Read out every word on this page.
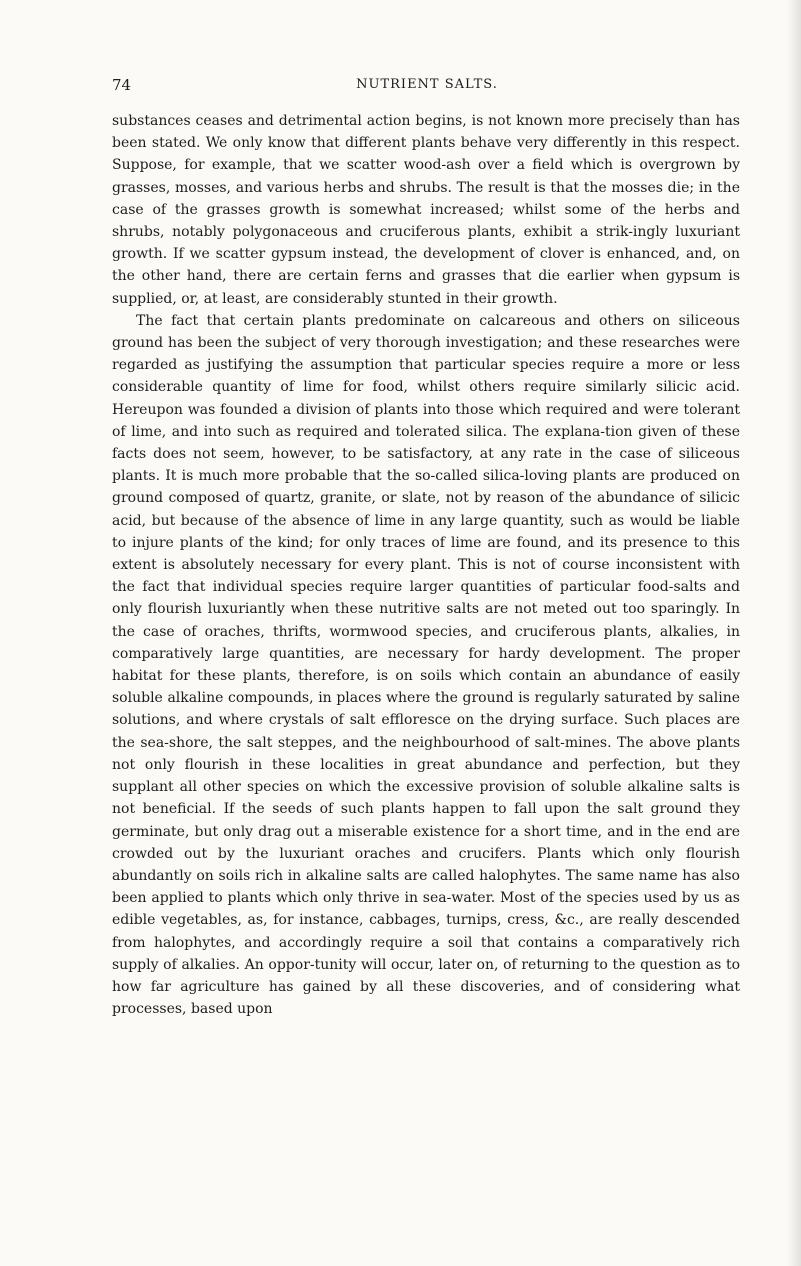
74	NUTRIENT SALTS.

substances ceases and detrimental action begins, is not known more precisely than has been stated. We only know that different plants behave very differently in this respect. Suppose, for example, that we scatter wood-ash over a field which is overgrown by grasses, mosses, and various herbs and shrubs. The result is that the mosses die; in the case of the grasses growth is somewhat increased; whilst some of the herbs and shrubs, notably polygonaceous and cruciferous plants, exhibit a strik-ingly luxuriant growth. If we scatter gypsum instead, the development of clover is enhanced, and, on the other hand, there are certain ferns and grasses that die earlier when gypsum is supplied, or, at least, are considerably stunted in their growth.

The fact that certain plants predominate on calcareous and others on siliceous ground has been the subject of very thorough investigation; and these researches were regarded as justifying the assumption that particular species require a more or less considerable quantity of lime for food, whilst others require similarly silicic acid. Hereupon was founded a division of plants into those which required and were tolerant of lime, and into such as required and tolerated silica. The explana-tion given of these facts does not seem, however, to be satisfactory, at any rate in the case of siliceous plants. It is much more probable that the so-called silica-loving plants are produced on ground composed of quartz, granite, or slate, not by reason of the abundance of silicic acid, but because of the absence of lime in any large quantity, such as would be liable to injure plants of the kind; for only traces of lime are found, and its presence to this extent is absolutely necessary for every plant. This is not of course inconsistent with the fact that individual species require larger quantities of particular food-salts and only flourish luxuriantly when these nutritive salts are not meted out too sparingly. In the case of oraches, thrifts, wormwood species, and cruciferous plants, alkalies, in comparatively large quantities, are necessary for hardy development. The proper habitat for these plants, therefore, is on soils which contain an abundance of easily soluble alkaline compounds, in places where the ground is regularly saturated by saline solutions, and where crystals of salt effloresce on the drying surface. Such places are the sea-shore, the salt steppes, and the neighbourhood of salt-mines. The above plants not only flourish in these localities in great abundance and perfection, but they supplant all other species on which the excessive provision of soluble alkaline salts is not beneficial. If the seeds of such plants happen to fall upon the salt ground they germinate, but only drag out a miserable existence for a short time, and in the end are crowded out by the luxuriant oraches and crucifers. Plants which only flourish abundantly on soils rich in alkaline salts are called halophytes. The same name has also been applied to plants which only thrive in sea-water. Most of the species used by us as edible vegetables, as, for instance, cabbages, turnips, cress, &c., are really descended from halophytes, and accordingly require a soil that contains a comparatively rich supply of alkalies. An oppor-tunity will occur, later on, of returning to the question as to how far agriculture has gained by all these discoveries, and of considering what processes, based upon
